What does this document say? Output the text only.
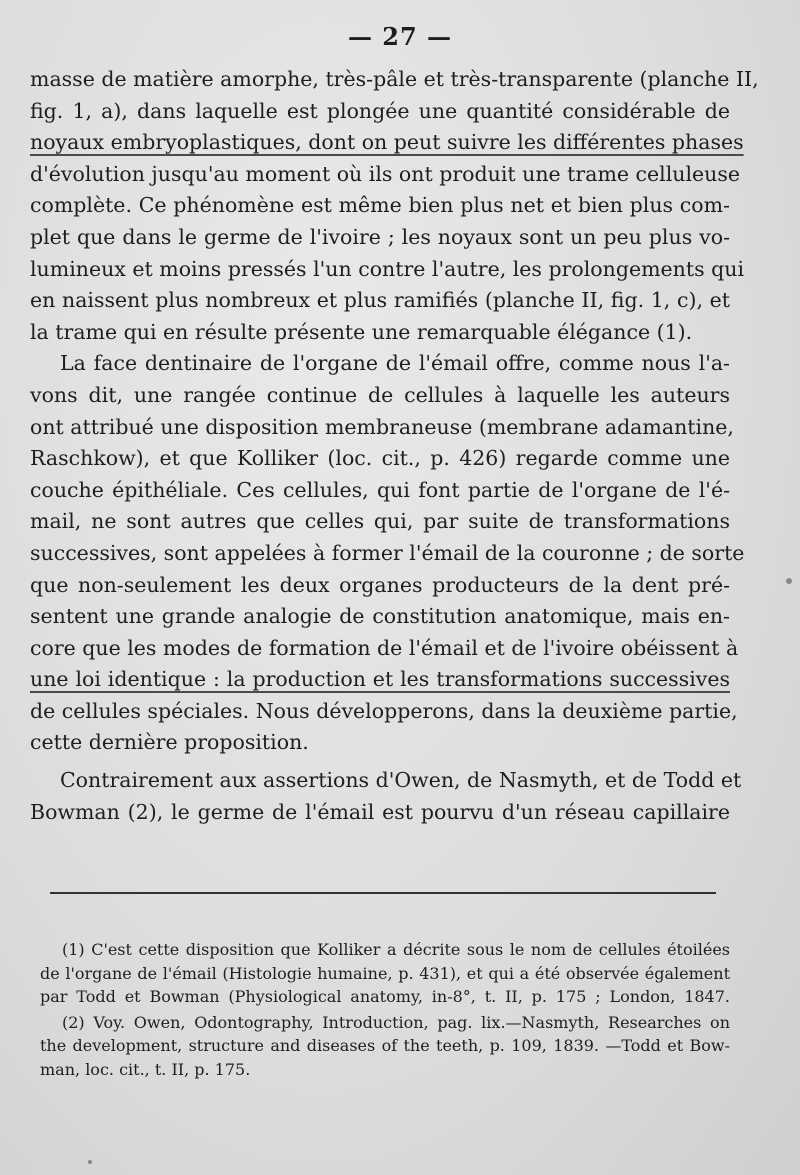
— 27 —
masse de matière amorphe, très-pâle et très-transparente (planche II,
fig. 1, a), dans laquelle est plongée une quantité considérable de
noyaux embryoplastiques, dont on peut suivre les différentes phases
d'évolution jusqu'au moment où ils ont produit une trame celluleuse
complète. Ce phénomène est même bien plus net et bien plus com-
plet que dans le germe de l'ivoire ; les noyaux sont un peu plus vo-
lumineux et moins pressés l'un contre l'autre, les prolongements qui
en naissent plus nombreux et plus ramifiés (planche II, fig. 1, c), et
la trame qui en résulte présente une remarquable élégance (1).
La face dentinaire de l'organe de l'émail offre, comme nous l'a-
vons dit, une rangée continue de cellules à laquelle les auteurs
ont attribué une disposition membraneuse (membrane adamantine,
Raschkow), et que Kolliker (loc. cit., p. 426) regarde comme une
couche épithéliale. Ces cellules, qui font partie de l'organe de l'é-
mail, ne sont autres que celles qui, par suite de transformations
successives, sont appelées à former l'émail de la couronne ; de sorte
que non-seulement les deux organes producteurs de la dent pré-
sentent une grande analogie de constitution anatomique, mais en-
core que les modes de formation de l'émail et de l'ivoire obéissent à
une loi identique : la production et les transformations successives
de cellules spéciales. Nous développerons, dans la deuxième partie,
cette dernière proposition.
Contrairement aux assertions d'Owen, de Nasmyth, et de Todd et
Bowman (2), le germe de l'émail est pourvu d'un réseau capillaire
(1) C'est cette disposition que Kolliker a décrite sous le nom de cellules étoilées
de l'organe de l'émail (Histologie humaine, p. 431), et qui a été observée également
par Todd et Bowman (Physiological anatomy, in-8°, t. II, p. 175 ; London, 1847.
(2) Voy. Owen, Odontography, Introduction, pag. lix.—Nasmyth, Researches on
the development, structure and diseases of the teeth, p. 109, 1839. —Todd et Bow-
man, loc. cit., t. II, p. 175.
